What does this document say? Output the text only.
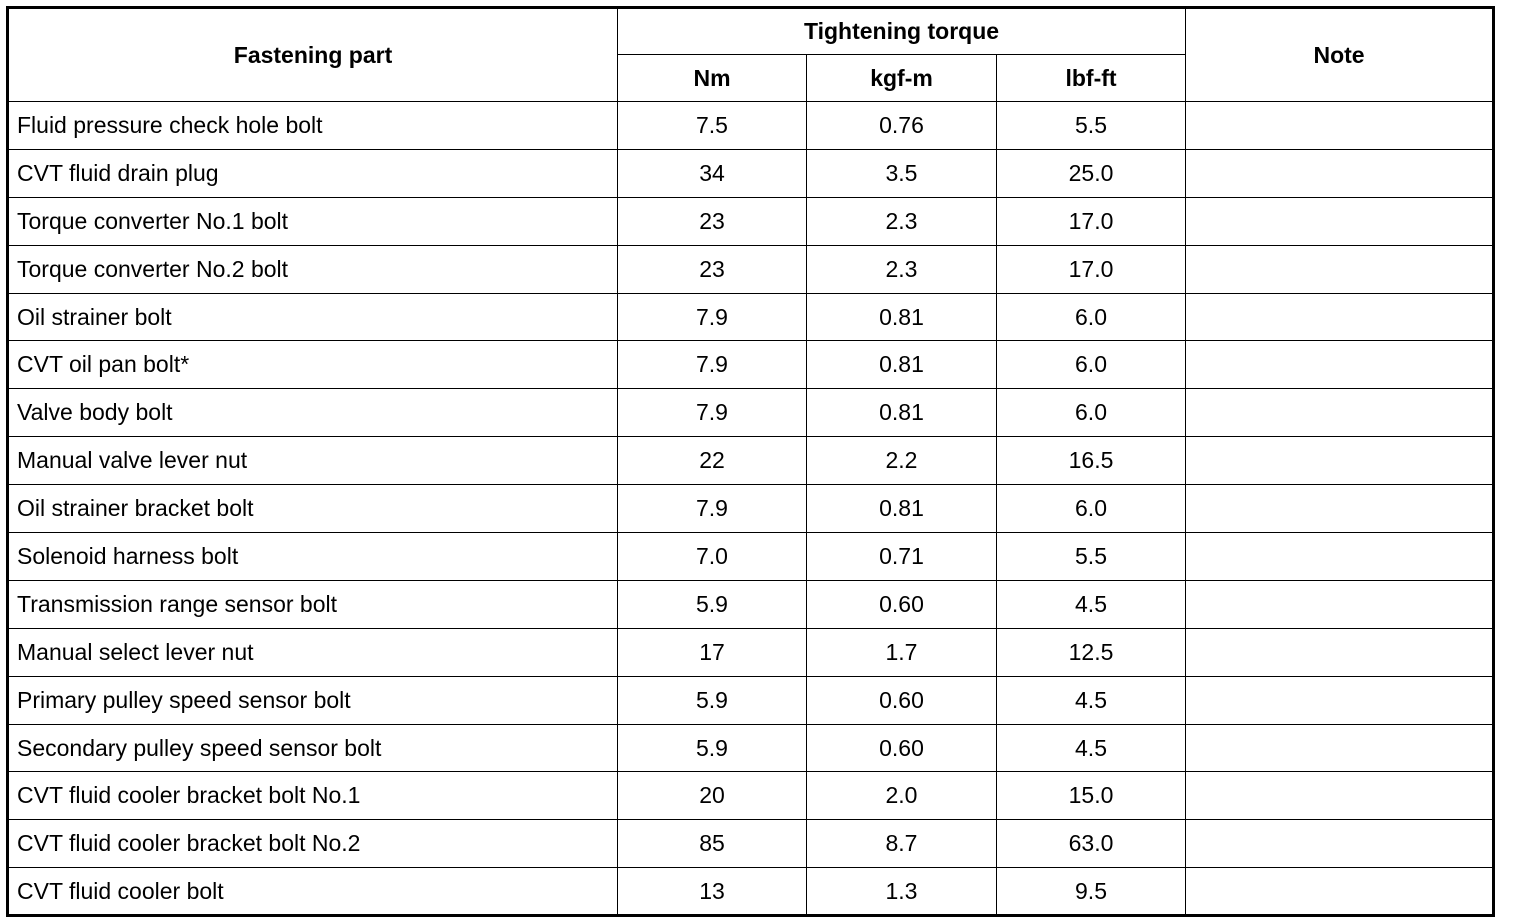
Fastening part	Tightening torque			Note
	Nm	kgf-m	lbf-ft	
Fluid pressure check hole bolt	7.5	0.76	5.5	
CVT fluid drain plug	34	3.5	25.0	
Torque converter No.1 bolt	23	2.3	17.0	
Torque converter No.2 bolt	23	2.3	17.0	
Oil strainer bolt	7.9	0.81	6.0	
CVT oil pan bolt*	7.9	0.81	6.0	
Valve body bolt	7.9	0.81	6.0	
Manual valve lever nut	22	2.2	16.5	
Oil strainer bracket bolt	7.9	0.81	6.0	
Solenoid harness bolt	7.0	0.71	5.5	
Transmission range sensor bolt	5.9	0.60	4.5	
Manual select lever nut	17	1.7	12.5	
Primary pulley speed sensor bolt	5.9	0.60	4.5	
Secondary pulley speed sensor bolt	5.9	0.60	4.5	
CVT fluid cooler bracket bolt No.1	20	2.0	15.0	
CVT fluid cooler bracket bolt No.2	85	8.7	63.0	
CVT fluid cooler bolt	13	1.3	9.5	
